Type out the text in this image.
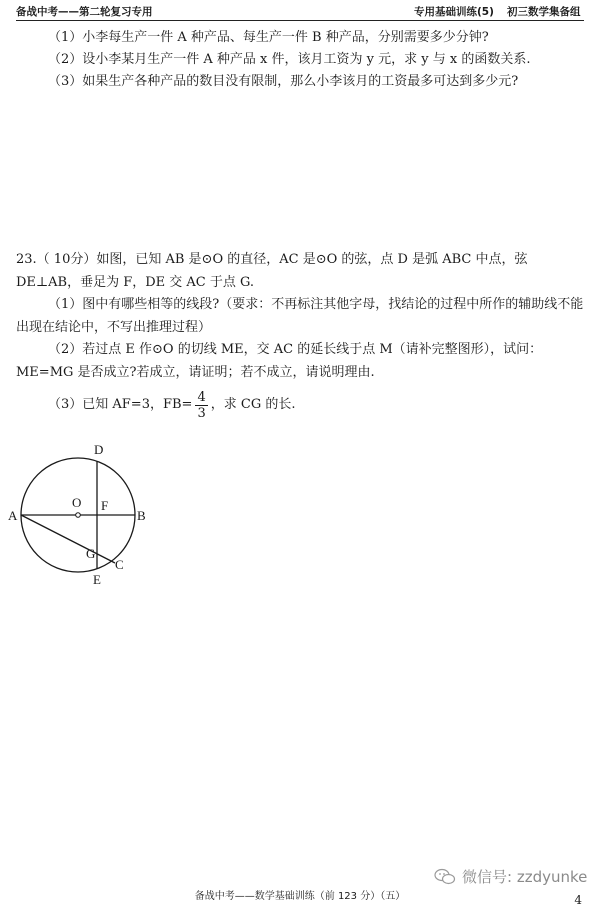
备战中考——第二轮复习专用	专用基础训练(5) 初三数学集备组
（1）小李每生产一件 A 种产品、每生产一件 B 种产品，分别需要多少分钟?
（2）设小李某月生产一件 A 种产品 x 件，该月工资为 y 元，求 y 与 x 的函数关系.
（3）如果生产各种产品的数目没有限制，那么小李该月的工资最多可达到多少元?

23.（ 10分）如图，已知 AB 是⊙O 的直径，AC 是⊙O 的弦，点 D 是弧 ABC 中点，弦 DE⊥AB，垂足为 F，DE 交 AC 于点 G.

（1）图中有哪些相等的线段?（要求：不再标注其他字母，找结论的过程中所作的辅助线不能出现在结论中，不写出推理过程）

（2）若过点 E 作⊙O 的切线 ME，交 AC 的延长线于点 M（请补完整图形），试问：ME=MG 是否成立?若成立，请证明；若不成立，请说明理由.

（3）已知 AF=3，$FB= \frac{4}{3}$ ，求 CG 的长.
D
A	B
O F
G
C
E
微信号: zzdyunke
备战中考——数学基础训练（前 123 分）（五）	4
